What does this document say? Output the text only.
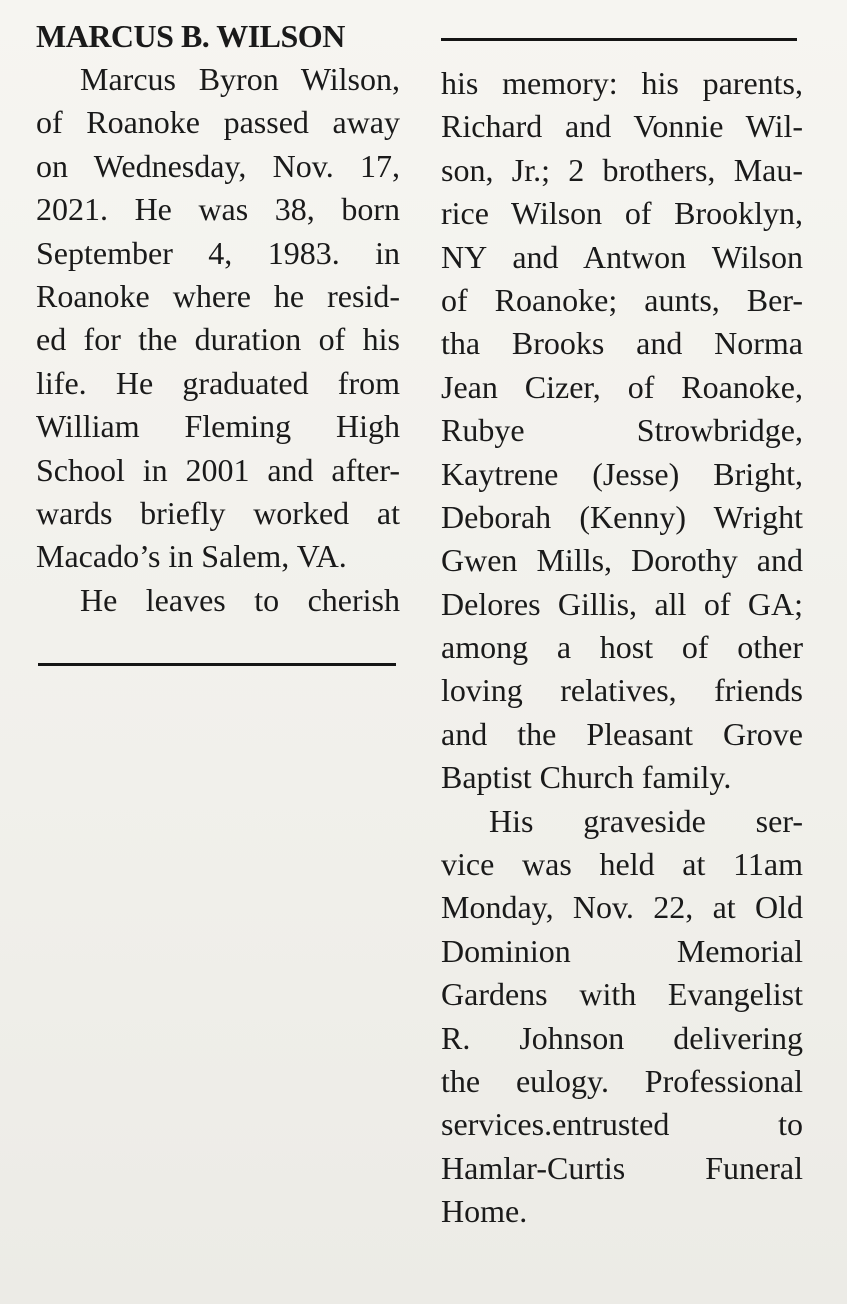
MARCUS B. WILSON
Marcus Byron Wilson,
of Roanoke passed away
on Wednesday, Nov. 17,
2021. He was 38, born
September 4, 1983. in
Roanoke where he resid-
ed for the duration of his
life. He graduated from
William Fleming High
School in 2001 and after-
wards briefly worked at
Macado’s in Salem, VA.
He leaves to cherish
his memory: his parents,
Richard and Vonnie Wil-
son, Jr.; 2 brothers, Mau-
rice Wilson of Brooklyn,
NY and Antwon Wilson
of Roanoke; aunts, Ber-
tha Brooks and Norma
Jean Cizer, of Roanoke,
Rubye Strowbridge,
Kaytrene (Jesse) Bright,
Deborah (Kenny) Wright
Gwen Mills, Dorothy and
Delores Gillis, all of GA;
among a host of other
loving relatives, friends
and the Pleasant Grove
Baptist Church family.
His graveside ser-
vice was held at 11am
Monday, Nov. 22, at Old
Dominion Memorial
Gardens with Evangelist
R. Johnson delivering
the eulogy. Professional
services.entrusted to
Hamlar-Curtis Funeral
Home.
